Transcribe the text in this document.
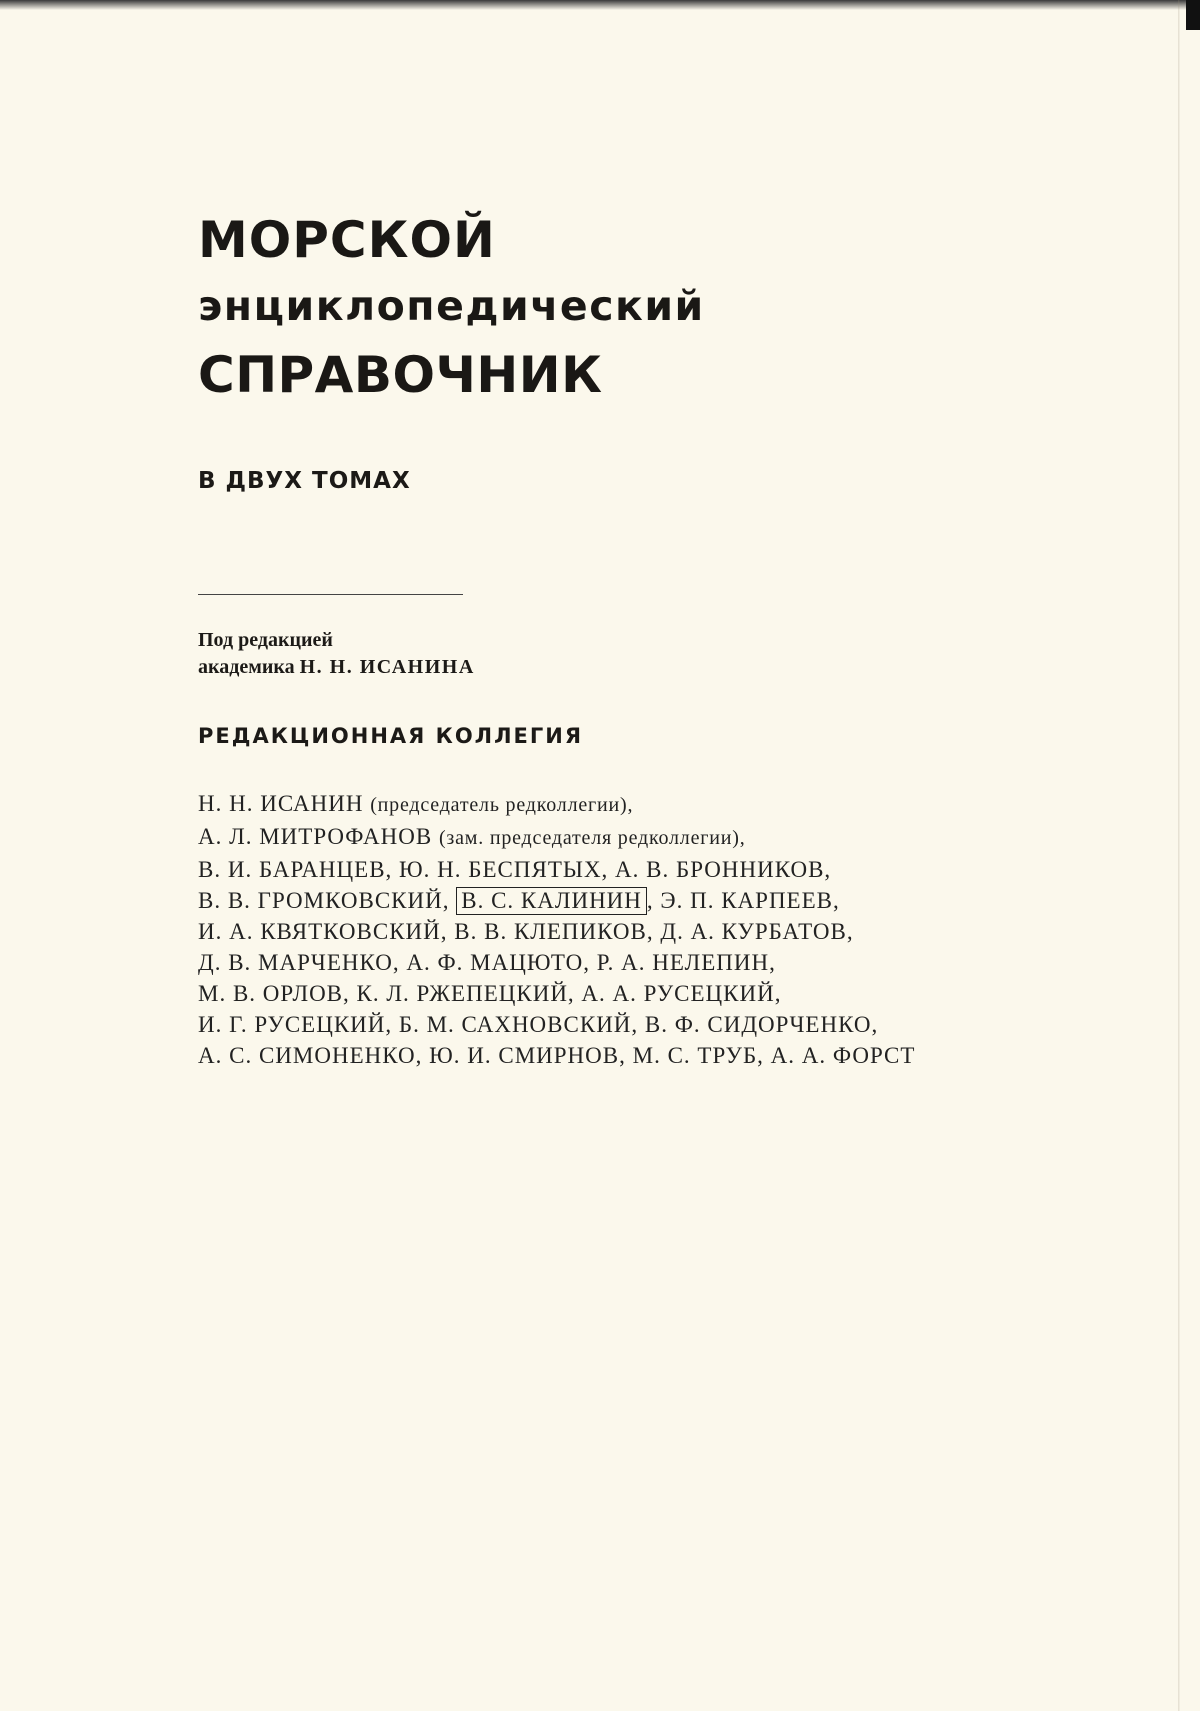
МОРСКОЙ
энциклопедический
СПРАВОЧНИК
В ДВУХ ТОМАХ
Под редакцией
академика Н. Н. ИСАНИНА
РЕДАКЦИОННАЯ КОЛЛЕГИЯ
Н. Н. ИСАНИН (председатель редколлегии),
А. Л. МИТРОФАНОВ (зам. председателя редколлегии),
В. И. БАРАНЦЕВ, Ю. Н. БЕСПЯТЫХ, А. В. БРОННИКОВ,
В. В. ГРОМКОВСКИЙ, В. С. КАЛИНИН , Э. П. КАРПЕЕВ,
И. А. КВЯТКОВСКИЙ, В. В. КЛЕПИКОВ, Д. А. КУРБАТОВ,
Д. В. МАРЧЕНКО, А. Ф. МАЦЮТО, Р. А. НЕЛЕПИН,
М. В. ОРЛОВ, К. Л. РЖЕПЕЦКИЙ, А. А. РУСЕЦКИЙ,
И. Г. РУСЕЦКИЙ, Б. М. САХНОВСКИЙ, В. Ф. СИДОРЧЕНКО,
А. С. СИМОНЕНКО, Ю. И. СМИРНОВ, М. С. ТРУБ, А. А. ФОРСТ
